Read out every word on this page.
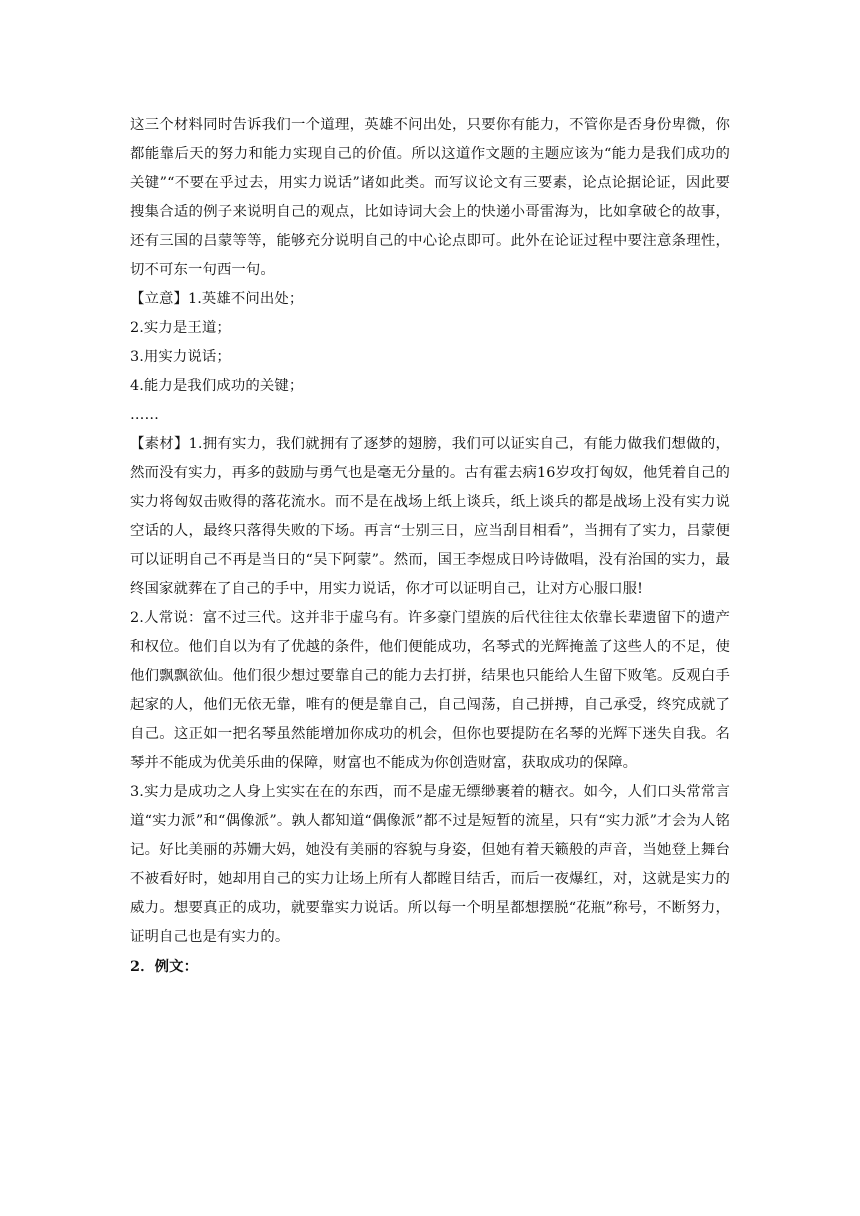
这三个材料同时告诉我们一个道理，英雄不问出处，只要你有能力，不管你是否身份卑微，你都能靠后天的努力和能力实现自己的价值。所以这道作文题的主题应该为“能力是我们成功的关键”“不要在乎过去，用实力说话”诸如此类。而写议论文有三要素，论点论据论证，因此要搜集合适的例子来说明自己的观点，比如诗词大会上的快递小哥雷海为，比如拿破仑的故事，还有三国的吕蒙等等，能够充分说明自己的中心论点即可。此外在论证过程中要注意条理性，切不可东一句西一句。

【立意】1.英雄不问出处；

2.实力是王道；

3.用实力说话；

4.能力是我们成功的关键；

……

【素材】1.拥有实力，我们就拥有了逐梦的翅膀，我们可以证实自己，有能力做我们想做的，然而没有实力，再多的鼓励与勇气也是毫无分量的。古有霍去病16岁攻打匈奴，他凭着自己的实力将匈奴击败得的落花流水。而不是在战场上纸上谈兵，纸上谈兵的都是战场上没有实力说空话的人，最终只落得失败的下场。再言“士别三日，应当刮目相看”，当拥有了实力，吕蒙便可以证明自己不再是当日的“吴下阿蒙”。然而，国王李煜成日吟诗做唱，没有治国的实力，最终国家就葬在了自己的手中，用实力说话，你才可以证明自己，让对方心服口服!

2.人常说：富不过三代。这并非于虚乌有。许多豪门望族的后代往往太依靠长辈遗留下的遗产和权位。他们自以为有了优越的条件，他们便能成功，名琴式的光辉掩盖了这些人的不足，使他们飘飘欲仙。他们很少想过要靠自己的能力去打拼，结果也只能给人生留下败笔。反观白手起家的人，他们无依无靠，唯有的便是靠自己，自己闯荡，自己拼搏，自己承受，终究成就了自己。这正如一把名琴虽然能增加你成功的机会，但你也要提防在名琴的光辉下迷失自我。名琴并不能成为优美乐曲的保障，财富也不能成为你创造财富，获取成功的保障。

3.实力是成功之人身上实实在在的东西，而不是虚无缥缈裹着的糖衣。如今，人们口头常常言道“实力派”和“偶像派”。孰人都知道“偶像派”都不过是短暂的流星，只有“实力派”才会为人铭记。好比美丽的苏姗大妈，她没有美丽的容貌与身姿，但她有着天籁般的声音，当她登上舞台不被看好时，她却用自己的实力让场上所有人都瞠目结舌，而后一夜爆红，对，这就是实力的威力。想要真正的成功，就要靠实力说话。所以每一个明星都想摆脱“花瓶”称号，不断努力，证明自己也是有实力的。

2．例文：
